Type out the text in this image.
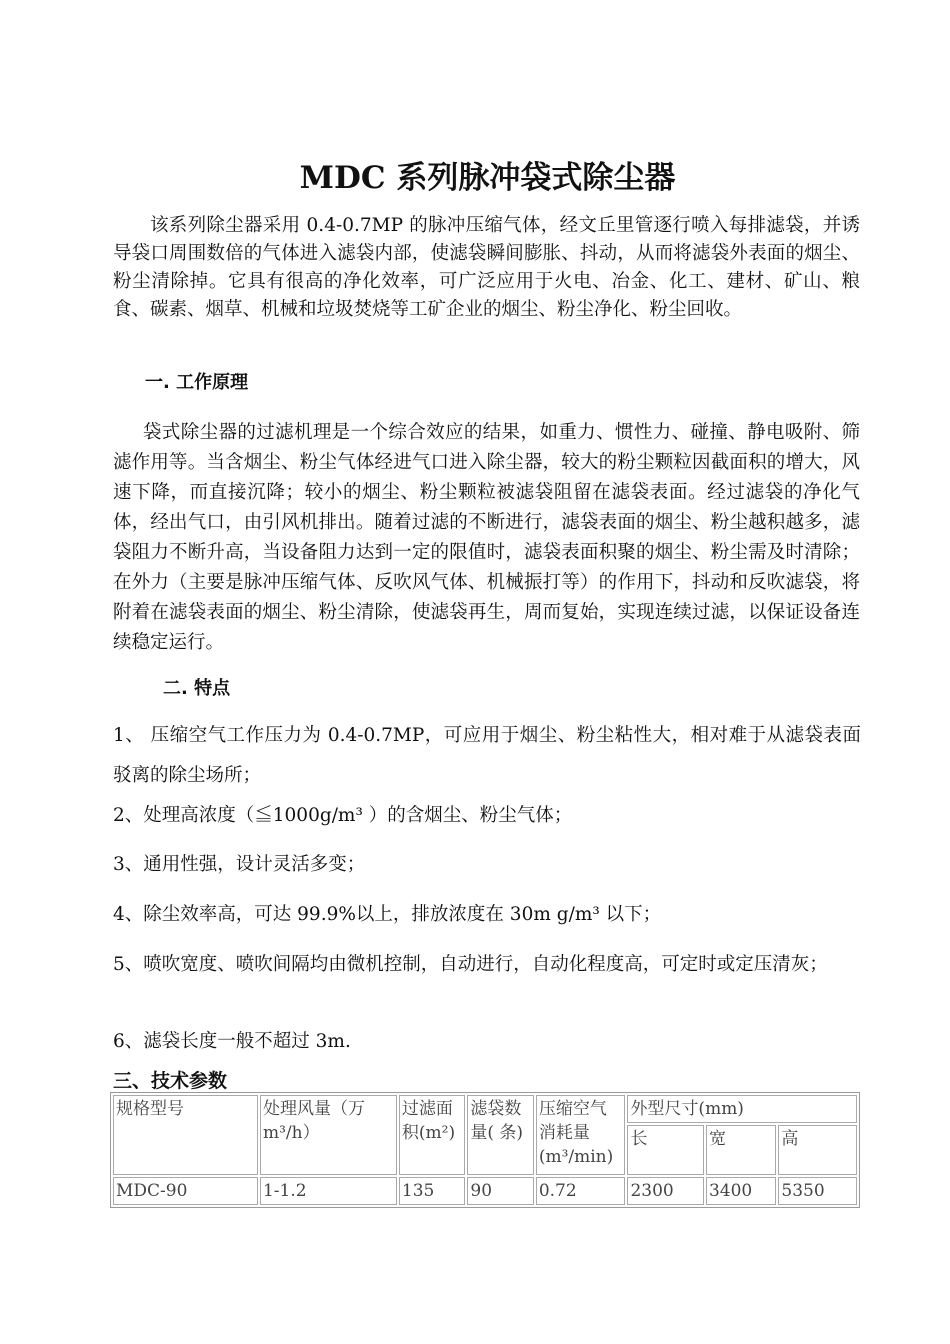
MDC 系列脉冲袋式除尘器

该系列除尘器采用 0.4-0.7MP 的脉冲压缩气体，经文丘里管逐行喷入每排滤袋，并诱导袋口周围数倍的气体进入滤袋内部，使滤袋瞬间膨胀、抖动，从而将滤袋外表面的烟尘、粉尘清除掉。它具有很高的净化效率，可广泛应用于火电、冶金、化工、建材、矿山、粮食、碳素、烟草、机械和垃圾焚烧等工矿企业的烟尘、粉尘净化、粉尘回收。

一. 工作原理

袋式除尘器的过滤机理是一个综合效应的结果，如重力、惯性力、碰撞、静电吸附、筛滤作用等。当含烟尘、粉尘气体经进气口进入除尘器，较大的粉尘颗粒因截面积的增大，风速下降，而直接沉降；较小的烟尘、粉尘颗粒被滤袋阻留在滤袋表面。经过滤袋的净化气体，经出气口，由引风机排出。随着过滤的不断进行，滤袋表面的烟尘、粉尘越积越多，滤袋阻力不断升高，当设备阻力达到一定的限值时，滤袋表面积聚的烟尘、粉尘需及时清除；在外力（主要是脉冲压缩气体、反吹风气体、机械振打等）的作用下，抖动和反吹滤袋，将附着在滤袋表面的烟尘、粉尘清除，使滤袋再生，周而复始，实现连续过滤，以保证设备连续稳定运行。

二. 特点

1、 压缩空气工作压力为 0.4-0.7MP，可应用于烟尘、粉尘粘性大，相对难于从滤袋表面驳离的除尘场所；

2、处理高浓度（≦1000g/m³ ）的含烟尘、粉尘气体；

3、通用性强，设计灵活多变；

4、除尘效率高，可达 99.9%以上，排放浓度在 30m g/m³ 以下；

5、喷吹宽度、喷吹间隔均由微机控制，自动进行，自动化程度高，可定时或定压清灰；

6、滤袋长度一般不超过 3m.

三、技术参数
规格型号	处理风量（万 m³/h）	过滤面积(m²)	滤袋数量( 条)	压缩空气消耗量(m³/min)	外型尺寸(mm)		
					长	宽	高
MDC-90	1-1.2	135	90	0.72	2300	3400	5350
